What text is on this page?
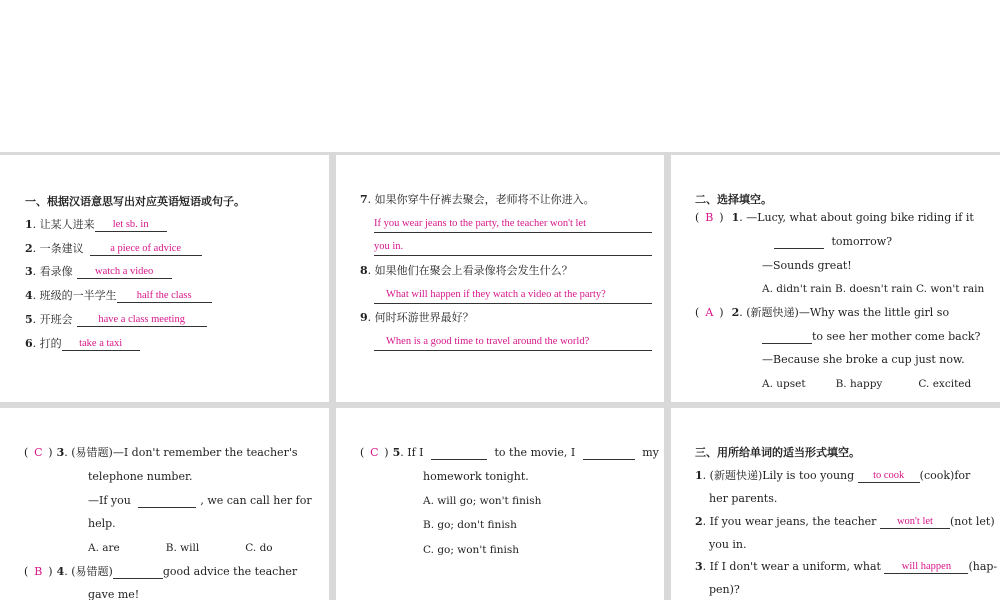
一、根据汉语意思写出对应英语短语或句子。
1. 让某人进来 let sb. in
2. 一条建议	a piece of advice
3. 看录像 watch a video
4. 班级的一半学生 half the class
5. 开班会 have a class meeting
6. 打的 take a taxi
7. 如果你穿牛仔裤去聚会，老师将不让你进入。
If you wear jeans to the party, the teacher won't let
you in.
8. 如果他们在聚会上看录像将会发生什么？
What will happen if they watch a video at the party?
9. 何时环游世界最好？
When is a good time to travel around the world?
二、选择填空。
( B ) 1. —Lucy, what about going bike riding if it
tomorrow?
—Sounds great!
A. didn't rain B. doesn't rain C. won't rain
( A ) 2. (新题快递)—Why was the little girl so
to see her mother come back?
—Because she broke a cup just now.
A. upset	B. happy	C. excited
( C ) 3. (易错题)—I don't remember the teacher's
telephone number.
—If you	, we can call her for
help.
A. are	B. will	C. do
( B ) 4. (易错题)	good advice the teacher
gave me!
( C ) 5. If I	to the movie, I	my
homework tonight.
A. will go; won't finish
B. go; don't finish
C. go; won't finish
三、用所给单词的适当形式填空。
1. (新题快递)Lily is too young to cook (cook)for
her parents.
2. If you wear jeans, the teacher won't let (not let)
you in.
3. If I don't wear a uniform, what will happen (hap-
pen)?
